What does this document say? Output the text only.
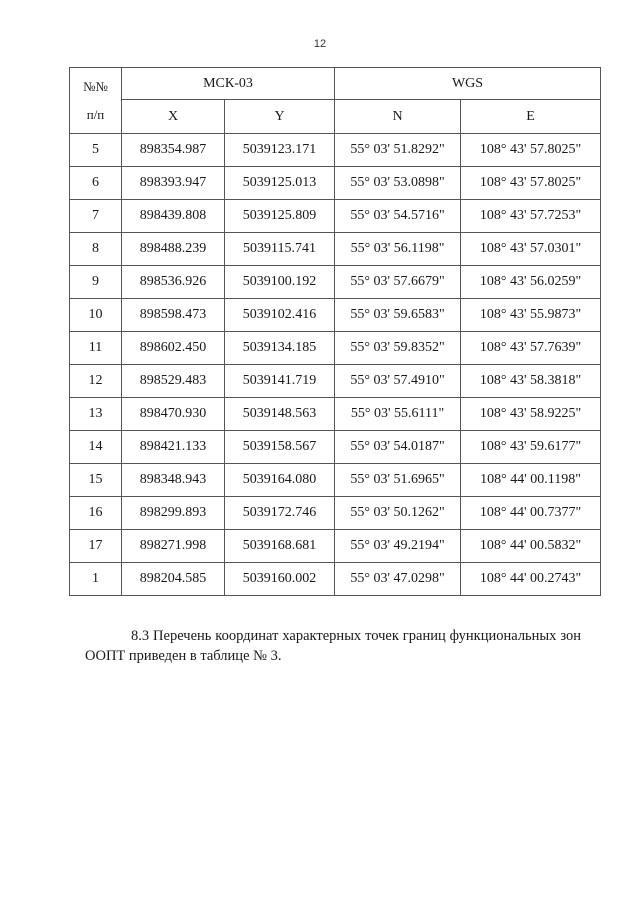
12
№№
п/п	МСК-03		WGS	
	X	Y	N	E
5	898354.987	5039123.171	55° 03' 51.8292"	108° 43' 57.8025"
6	898393.947	5039125.013	55° 03' 53.0898"	108° 43' 57.8025"
7	898439.808	5039125.809	55° 03' 54.5716"	108° 43' 57.7253"
8	898488.239	5039115.741	55° 03' 56.1198"	108° 43' 57.0301"
9	898536.926	5039100.192	55° 03' 57.6679"	108° 43' 56.0259"
10	898598.473	5039102.416	55° 03' 59.6583"	108° 43' 55.9873"
11	898602.450	5039134.185	55° 03' 59.8352"	108° 43' 57.7639"
12	898529.483	5039141.719	55° 03' 57.4910"	108° 43' 58.3818"
13	898470.930	5039148.563	55° 03' 55.6111"	108° 43' 58.9225"
14	898421.133	5039158.567	55° 03' 54.0187"	108° 43' 59.6177"
15	898348.943	5039164.080	55° 03' 51.6965"	108° 44' 00.1198"
16	898299.893	5039172.746	55° 03' 50.1262"	108° 44' 00.7377"
17	898271.998	5039168.681	55° 03' 49.2194"	108° 44' 00.5832"
1	898204.585	5039160.002	55° 03' 47.0298"	108° 44' 00.2743"

8.3 Перечень координат характерных точек границ функциональных зон ООПТ приведен в таблице № 3.
